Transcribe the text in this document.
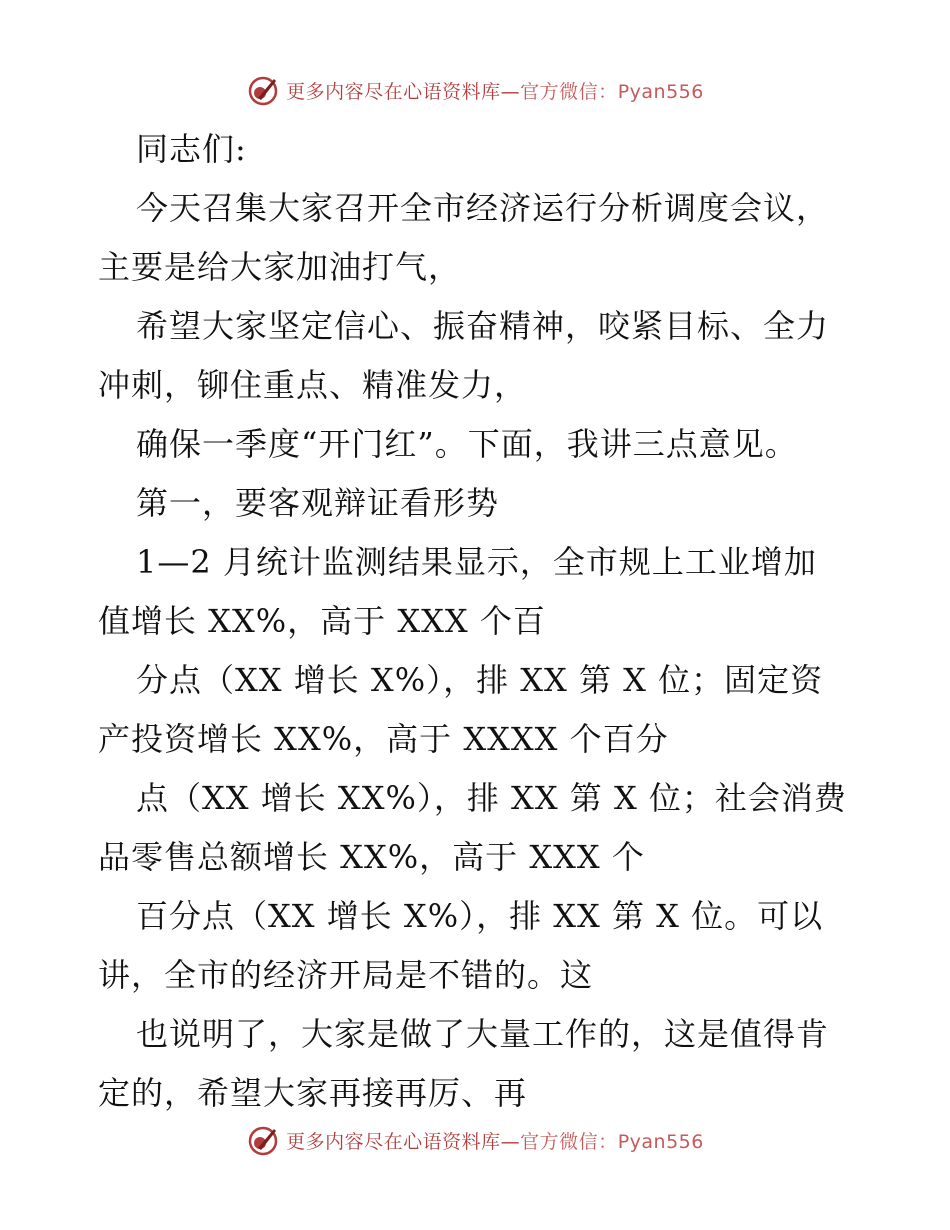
更多内容尽在心语资料库—官方微信：Pyan556
同志们:
今天召集大家召开全市经济运行分析调度会议，
主要是给大家加油打气，
希望大家坚定信心、振奋精神，咬紧目标、全力
冲刺，铆住重点、精准发力，
确保一季度“开门红”。下面，我讲三点意见。
第一，要客观辩证看形势
1—2 月统计监测结果显示，全市规上工业增加
值增长 XX%，高于 XXX 个百
分点（XX 增长 X%），排 XX 第 X 位；固定资
产投资增长 XX%，高于 XXXX 个百分
点（XX 增长 XX%），排 XX 第 X 位；社会消费
品零售总额增长 XX%，高于 XXX 个
百分点（XX 增长 X%），排 XX 第 X 位。可以
讲，全市的经济开局是不错的。这
也说明了，大家是做了大量工作的，这是值得肯
定的，希望大家再接再厉、再
更多内容尽在心语资料库—官方微信：Pyan556
